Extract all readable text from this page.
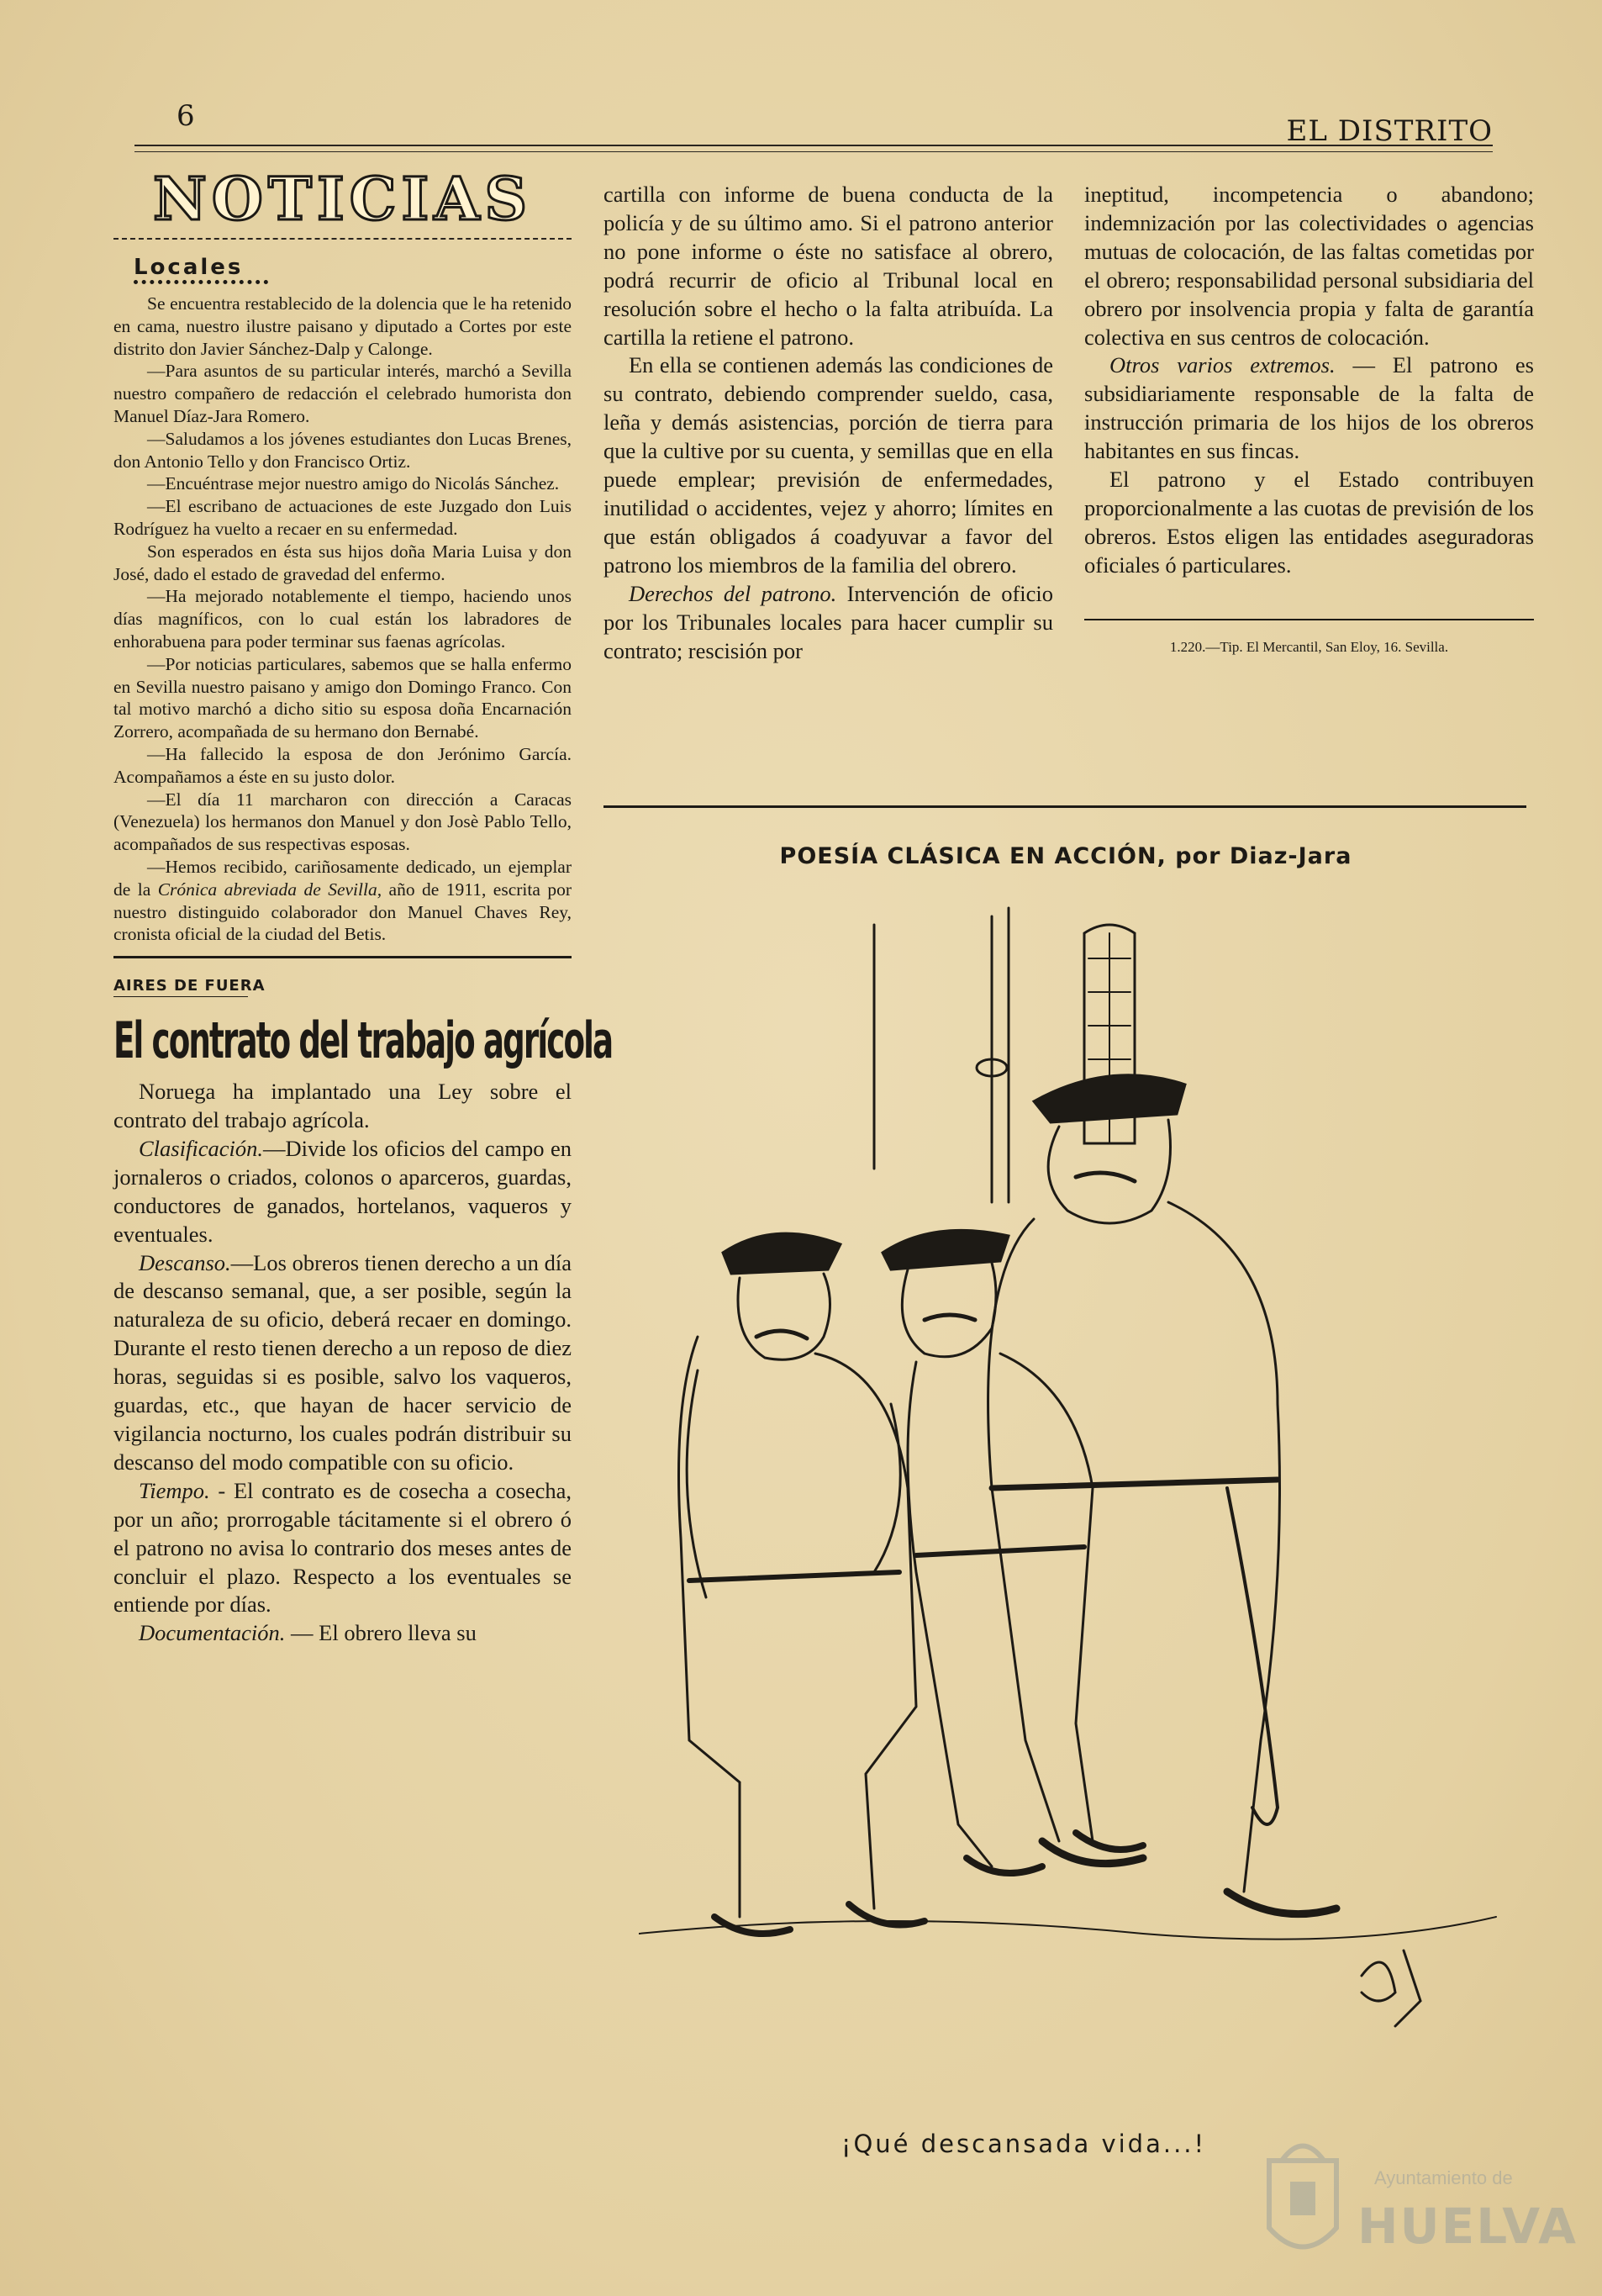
6	EL DISTRITO
NOTICIAS
Locales

Se encuentra restablecido de la dolencia que le ha retenido en cama, nuestro ilustre paisano y diputado a Cortes por este distrito don Javier Sánchez-Dalp y Calonge.

—Para asuntos de su particular interés, marchó a Sevilla nuestro compañero de redacción el celebrado humorista don Manuel Díaz-Jara Romero.

—Saludamos a los jóvenes estudiantes don Lucas Brenes, don Antonio Tello y don Francisco Ortiz.

—Encuéntrase mejor nuestro amigo do Nicolás Sánchez.

—El escribano de actuaciones de este Juzgado don Luis Rodríguez ha vuelto a recaer en su enfermedad.

Son esperados en ésta sus hijos doña Maria Luisa y don José, dado el estado de gravedad del enfermo.

—Ha mejorado notablemente el tiempo, haciendo unos días magníficos, con lo cual están los labradores de enhorabuena para poder terminar sus faenas agrícolas.

—Por noticias particulares, sabemos que se halla enfermo en Sevilla nuestro paisano y amigo don Domingo Franco. Con tal motivo marchó a dicho sitio su esposa doña Encarnación Zorrero, acompañada de su hermano don Bernabé.

—Ha fallecido la esposa de don Jerónimo García. Acompañamos a éste en su justo dolor.

—El día 11 marcharon con dirección a Caracas (Venezuela) los hermanos don Manuel y don Josè Pablo Tello, acompañados de sus respectivas esposas.

—Hemos recibido, cariñosamente dedicado, un ejemplar de la Crónica abreviada de Sevilla, año de 1911, escrita por nuestro distinguido colaborador don Manuel Chaves Rey, cronista oficial de la ciudad del Betis.

AIRES DE FUERA
El contrato del trabajo agrícola

Noruega ha implantado una Ley sobre el contrato del trabajo agrícola.

Clasificación.—Divide los oficios del campo en jornaleros o criados, colonos o aparceros, guardas, conductores de ganados, hortelanos, vaqueros y eventuales.

Descanso.—Los obreros tienen derecho a un día de descanso semanal, que, a ser posible, según la naturaleza de su oficio, deberá recaer en domingo. Durante el resto tienen derecho a un reposo de diez horas, seguidas si es posible, salvo los vaqueros, guardas, etc., que hayan de hacer servicio de vigilancia nocturno, los cuales podrán distribuir su descanso del modo compatible con su oficio.

Tiempo. - El contrato es de cosecha a cosecha, por un año; prorrogable tácitamente si el obrero ó el patrono no avisa lo contrario dos meses antes de concluir el plazo. Respecto a los eventuales se entiende por días.

Documentación. — El obrero lleva su

cartilla con informe de buena conducta de la policía y de su último amo. Si el patrono anterior no pone informe o éste no satisface al obrero, podrá recurrir de oficio al Tribunal local en resolución sobre el hecho o la falta atribuída. La cartilla la retiene el patrono.

En ella se contienen además las condiciones de su contrato, debiendo comprender sueldo, casa, leña y demás asistencias, porción de tierra para que la cultive por su cuenta, y semillas que en ella puede emplear; previsión de enfermedades, inutilidad o accidentes, vejez y ahorro; límites en que están obligados á coadyuvar a favor del patrono los miembros de la familia del obrero.

Derechos del patrono. Intervención de oficio por los Tribunales locales para hacer cumplir su contrato; rescisión por

ineptitud, incompetencia o abandono; indemnización por las colectividades o agencias mutuas de colocación, de las faltas cometidas por el obrero; responsabilidad personal subsidiaria del obrero por insolvencia propia y falta de garantía colectiva en sus centros de colocación.

Otros varios extremos. — El patrono es subsidiariamente responsable de la falta de instrucción primaria de los hijos de los obreros habitantes en sus fincas.

El patrono y el Estado contribuyen proporcionalmente a las cuotas de previsión de los obreros. Estos eligen las entidades aseguradoras oficiales ó particulares.

1.220.—Tip. El Mercantil, San Eloy, 16. Sevilla.
POESÍA CLÁSICA EN ACCIÓN, por Diaz-Jara
¡Qué descansada vida...!
Ayuntamiento de
HUELVA
